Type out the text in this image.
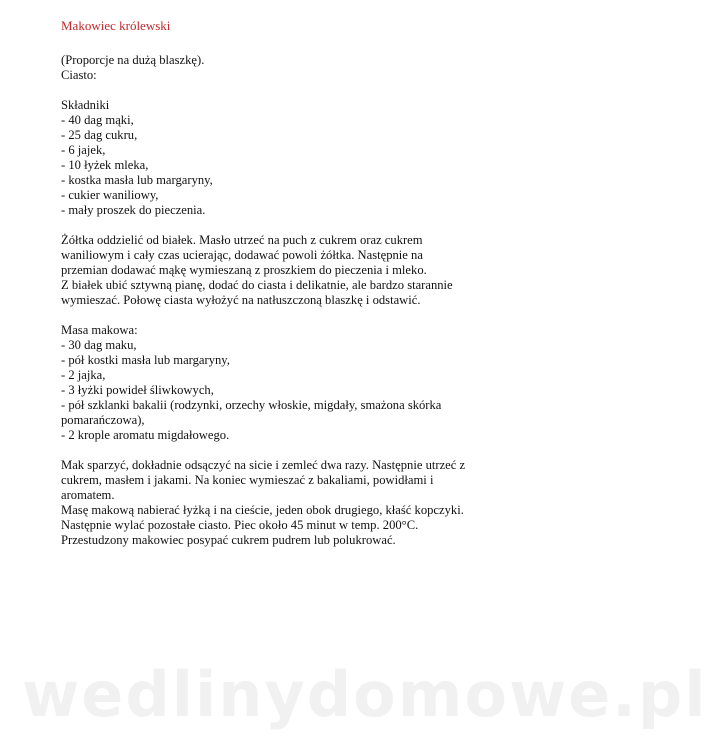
Makowiec królewski
(Proporcje na dużą blaszkę).
Ciasto:
Składniki
- 40 dag mąki,
- 25 dag cukru,
- 6 jajek,
- 10 łyżek mleka,
- kostka masła lub margaryny,
- cukier waniliowy,
- mały proszek do pieczenia.
Żółtka oddzielić od białek. Masło utrzeć na puch z cukrem oraz cukrem
waniliowym i cały czas ucierając, dodawać powoli żółtka. Następnie na
przemian dodawać mąkę wymieszaną z proszkiem do pieczenia i mleko.
Z białek ubić sztywną pianę, dodać do ciasta i delikatnie, ale bardzo starannie
wymieszać. Połowę ciasta wyłożyć na natłuszczoną blaszkę i odstawić.
Masa makowa:
- 30 dag maku,
- pół kostki masła lub margaryny,
- 2 jajka,
- 3 łyżki powideł śliwkowych,
- pół szklanki bakalii (rodzynki, orzechy włoskie, migdały, smażona skórka
pomarańczowa),
- 2 krople aromatu migdałowego.
Mak sparzyć, dokładnie odsączyć na sicie i zemleć dwa razy. Następnie utrzeć z
cukrem, masłem i jakami. Na koniec wymieszać z bakaliami, powidłami i
aromatem.
Masę makową nabierać łyżką i na cieście, jeden obok drugiego, kłaść kopczyki.
Następnie wylać pozostałe ciasto. Piec około 45 minut w temp. 200°C.
Przestudzony makowiec posypać cukrem pudrem lub polukrować.
wedlinydomowe.pl
